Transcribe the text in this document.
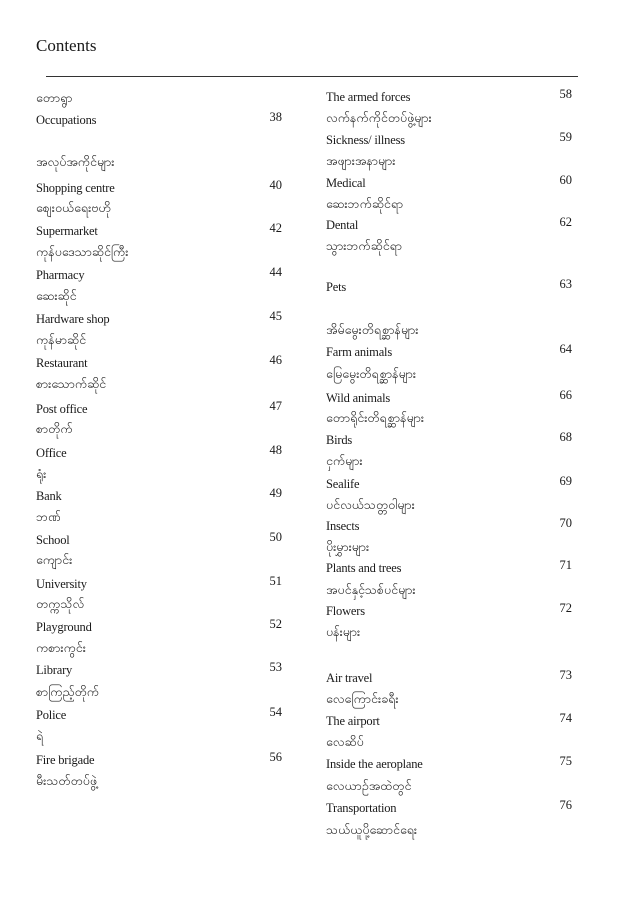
Contents
တောရွာ
Occupations	38
အလုပ်အကိုင်များ
Shopping centre	40
စျေးဝယ်ရေးဗဟို
Supermarket	42
ကုန်ပဒေသာဆိုင်ကြီး
Pharmacy	44
ဆေးဆိုင်
Hardware shop	45
ကုန်မာဆိုင်
Restaurant	46
စားသောက်ဆိုင်
Post office	47
စာတိုက်
Office	48
ရုံး
Bank	49
ဘဏ်
School	50
ကျောင်း
University	51
တက္ကသိုလ်
Playground	52
ကစားကွင်း
Library	53
စာကြည့်တိုက်
Police	54
ရဲ
Fire brigade	56
မီးသတ်တပ်ဖွဲ့
The armed forces	58
လက်နက်ကိုင်တပ်ဖွဲ့များ
Sickness/ illness	59
အဖျားအနာများ
Medical	60
ဆေးဘက်ဆိုင်ရာ
Dental	62
သွားဘက်ဆိုင်ရာ
Pets	63
အိမ်မွေးတိရစ္ဆာန်များ
Farm animals	64
မြေမွေးတိရစ္ဆာန်များ
Wild animals	66
တောရိုင်းတိရစ္ဆာန်များ
Birds	68
ငှက်များ
Sealife	69
ပင်လယ်သတ္တဝါများ
Insects	70
ပိုးမွှားများ
Plants and trees	71
အပင်နှင့်သစ်ပင်များ
Flowers	72
ပန်းများ
Air travel	73
လေကြောင်းခရီး
The airport	74
လေဆိပ်
Inside the aeroplane	75
လေယာဉ်အထဲတွင်
Transportation	76
သယ်ယူပို့ဆောင်ရေး
